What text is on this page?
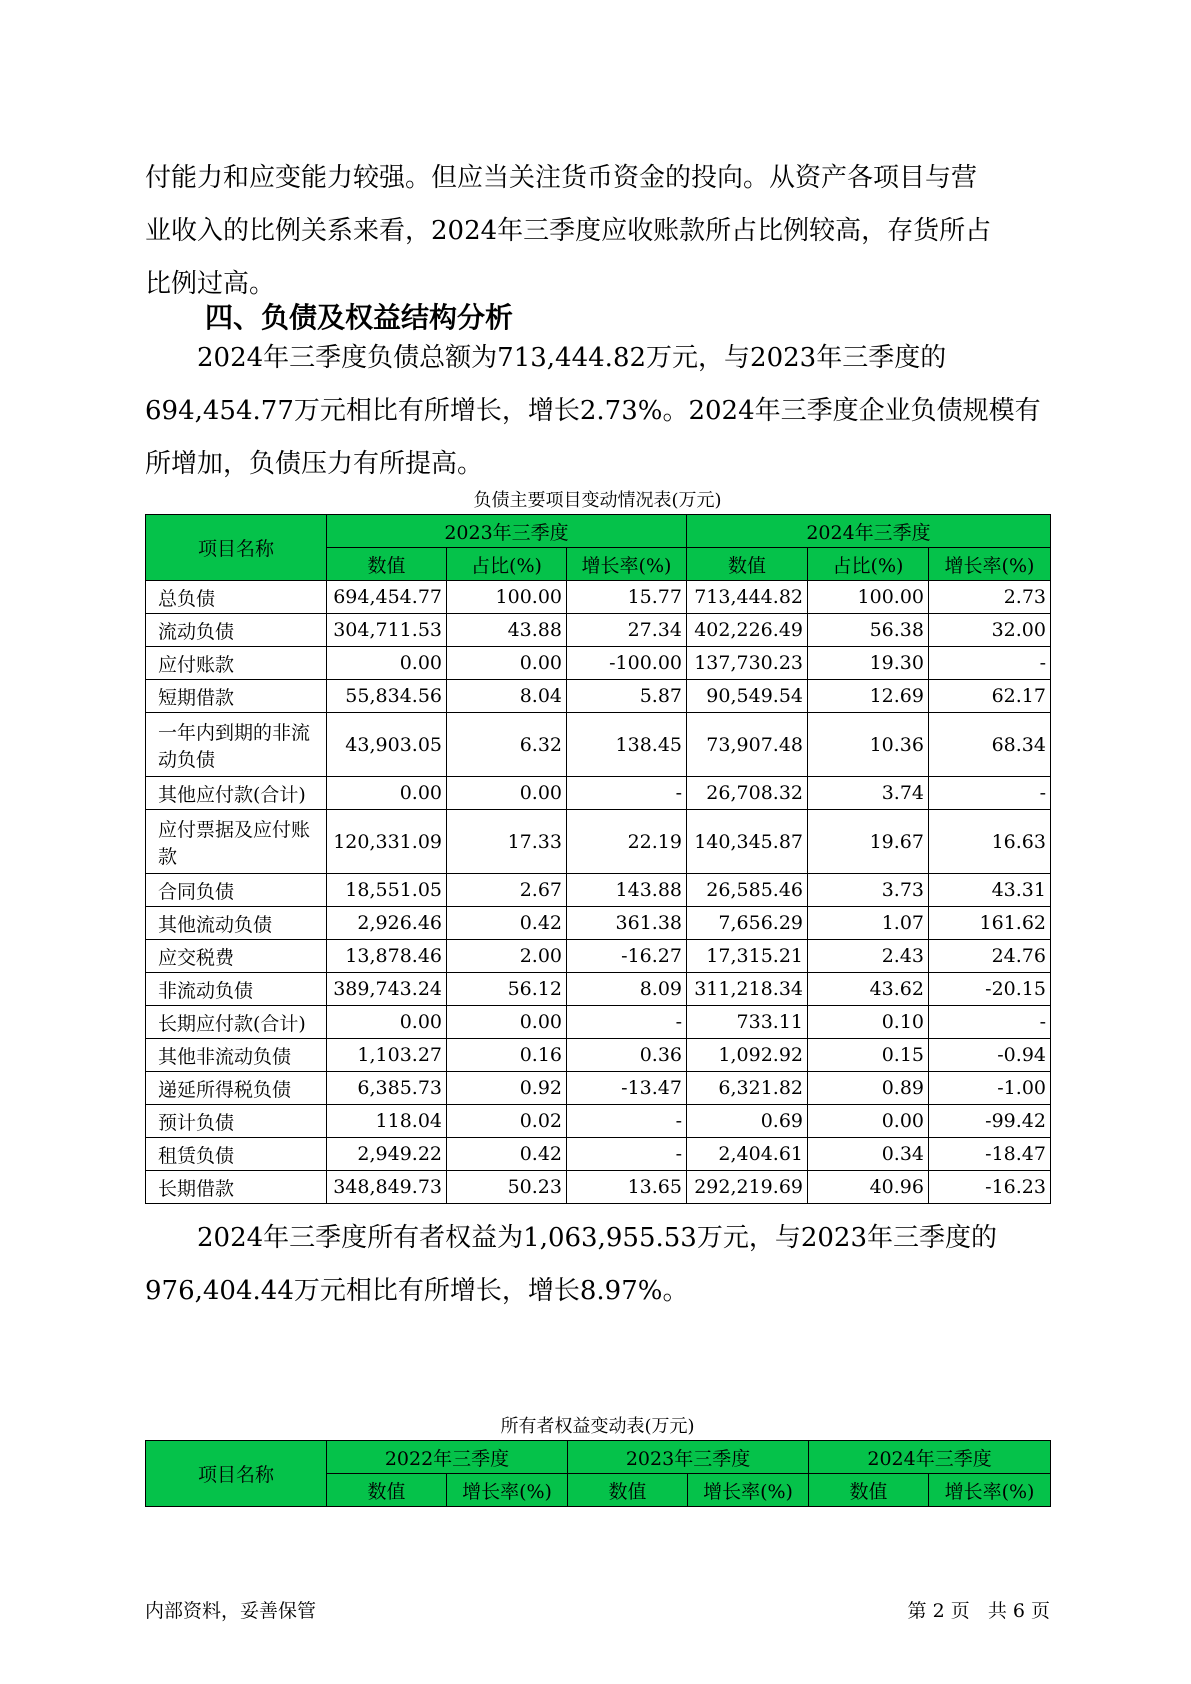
付能力和应变能力较强。但应当关注货币资金的投向。从资产各项目与营
业收入的比例关系来看，2024年三季度应收账款所占比例较高，存货所占
比例过高。

四、负债及权益结构分析

2024年三季度负债总额为713,444.82万元，与2023年三季度的
694,454.77万元相比有所增长，增长2.73%。2024年三季度企业负债规模有
所增加，负债压力有所提高。

负债主要项目变动情况表(万元)
项目名称	2023年三季度			2024年三季度		
	数值	占比(%)	增长率(%)	数值	占比(%)	增长率(%)
总负债	694,454.77	100.00	15.77	713,444.82	100.00	2.73
流动负债	304,711.53	43.88	27.34	402,226.49	56.38	32.00
应付账款	0.00	0.00	-100.00	137,730.23	19.30	-
短期借款	55,834.56	8.04	5.87	90,549.54	12.69	62.17
一年内到期的非流
动负债	43,903.05	6.32	138.45	73,907.48	10.36	68.34
其他应付款(合计)	0.00	0.00	-	26,708.32	3.74	-
应付票据及应付账
款	120,331.09	17.33	22.19	140,345.87	19.67	16.63
合同负债	18,551.05	2.67	143.88	26,585.46	3.73	43.31
其他流动负债	2,926.46	0.42	361.38	7,656.29	1.07	161.62
应交税费	13,878.46	2.00	-16.27	17,315.21	2.43	24.76
非流动负债	389,743.24	56.12	8.09	311,218.34	43.62	-20.15
长期应付款(合计)	0.00	0.00	-	733.11	0.10	-
其他非流动负债	1,103.27	0.16	0.36	1,092.92	0.15	-0.94
递延所得税负债	6,385.73	0.92	-13.47	6,321.82	0.89	-1.00
预计负债	118.04	0.02	-	0.69	0.00	-99.42
租赁负债	2,949.22	0.42	-	2,404.61	0.34	-18.47
长期借款	348,849.73	50.23	13.65	292,219.69	40.96	-16.23

2024年三季度所有者权益为1,063,955.53万元，与2023年三季度的
976,404.44万元相比有所增长，增长8.97%。

所有者权益变动表(万元)
项目名称	2022年三季度		2023年三季度		2024年三季度	
	数值	增长率(%)	数值	增长率(%)	数值	增长率(%)
内部资料，妥善保管	第 2 页   共 6 页
